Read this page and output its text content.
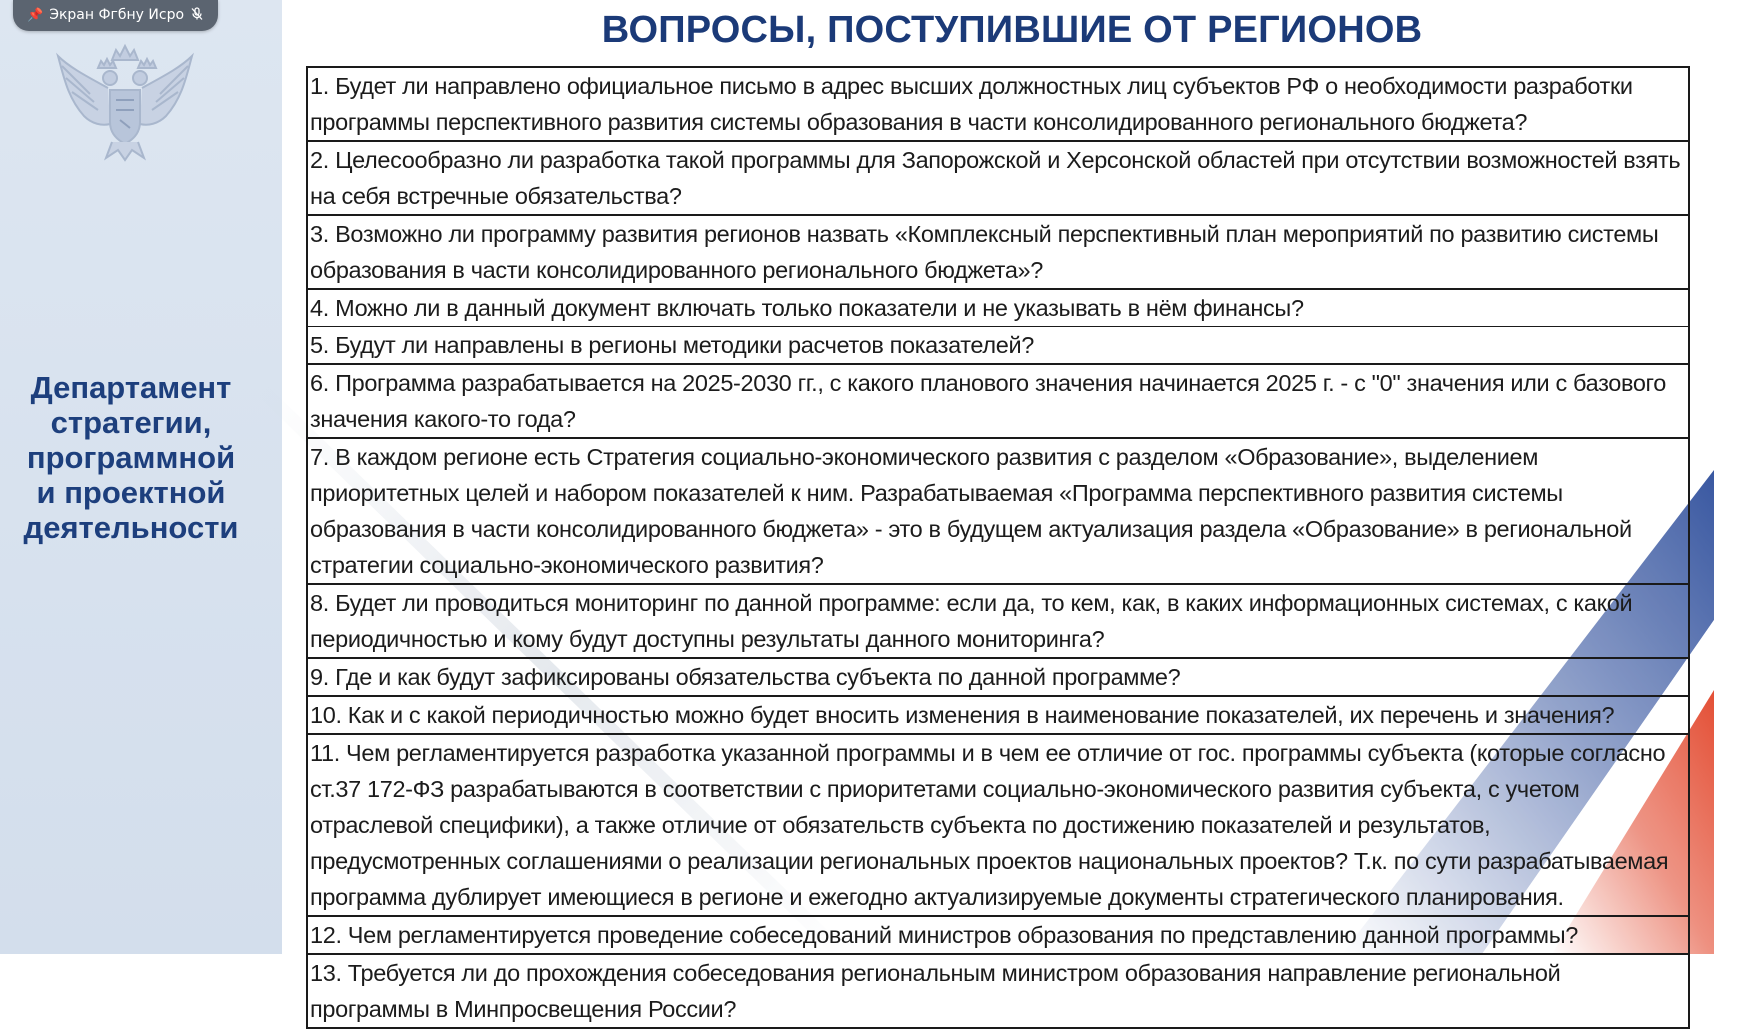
📌 Экран Фгбну Исро
Департамент
стратегии,
программной
и проектной
деятельности
ВОПРОСЫ, ПОСТУПИВШИЕ ОТ РЕГИОНОВ
1. Будет ли направлено официальное письмо в адрес высших должностных лиц субъектов РФ о необходимости разработки программы перспективного развития системы образования в части консолидированного регионального бюджета?
2. Целесообразно ли разработка такой программы для Запорожской и Херсонской областей при отсутствии возможностей взять на себя встречные обязательства?
3. Возможно ли программу развития регионов назвать «Комплексный перспективный план мероприятий по развитию системы образования в части консолидированного регионального бюджета»?
4. Можно ли в данный документ включать только показатели и не указывать в нём финансы?
5. Будут ли направлены в регионы методики расчетов показателей?
6. Программа разрабатывается на 2025-2030 гг., с какого планового значения начинается 2025 г. - с "0" значения или с базового значения какого-то года?
7. В каждом регионе есть Стратегия социально-экономического развития с разделом «Образование», выделением приоритетных целей и набором показателей к ним. Разрабатываемая «Программа перспективного развития системы образования в части консолидированного бюджета» - это в будущем актуализация раздела «Образование» в региональной стратегии социально-экономического развития?
8. Будет ли проводиться мониторинг по данной программе: если да, то кем, как, в каких информационных системах, с какой периодичностью и кому будут доступны результаты данного мониторинга?
9. Где и как будут зафиксированы обязательства субъекта по данной программе?
10. Как и с какой периодичностью можно будет вносить изменения в наименование показателей, их перечень и значения?
11. Чем регламентируется разработка указанной программы и в чем ее отличие от гос. программы субъекта (которые согласно ст.37 172-ФЗ разрабатываются в соответствии с приоритетами социально-экономического развития субъекта, с учетом отраслевой специфики), а также отличие от обязательств субъекта по достижению показателей и результатов, предусмотренных соглашениями о реализации региональных проектов национальных проектов? Т.к. по сути разрабатываемая программа дублирует имеющиеся в регионе и ежегодно актуализируемые документы стратегического планирования.
12. Чем регламентируется проведение собеседований министров образования по представлению данной программы?
13. Требуется ли до прохождения собеседования региональным министром образования направление региональной программы в Минпросвещения России?
